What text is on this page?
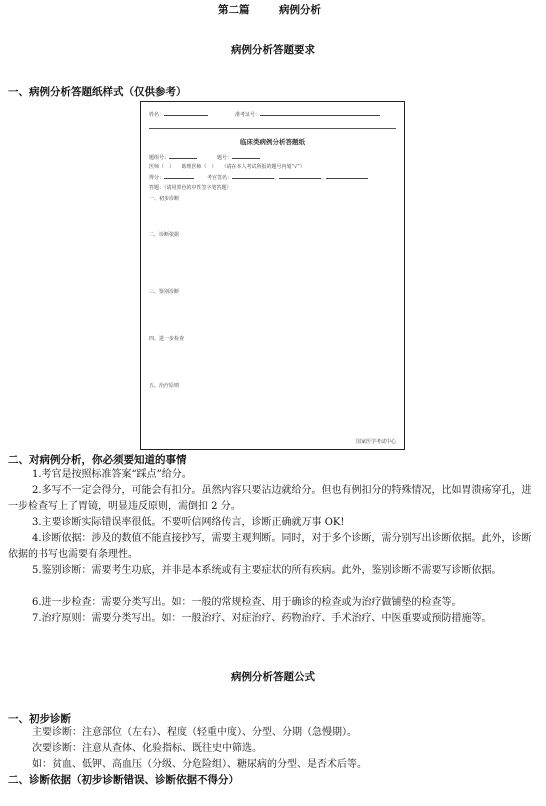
第二篇	病例分析
病例分析答题要求
一、病例分析答题纸样式（仅供参考）
姓名：	准考证号：
临床类病例分析答题纸
题组号：	题号：
医师（　）　　助理医师（　）　　（请在本人考试所报的题号内划“√”）
得分：	考官签名：	、	、
答题：（请用黑色的中性签字笔答题）
一、初步诊断
二、诊断依据
三、鉴别诊断
四、进一步检查
五、治疗原则
国家医学考试中心
二、对病例分析，你必须要知道的事情
1.考官是按照标准答案“踩点”给分。
2.多写不一定会得分，可能会有扣分。虽然内容只要沾边就给分。但也有例扣分的特殊情况，比如胃溃疡穿孔，进一步检查写上了胃镜，明显违反原则，需倒扣 2 分。
3.主要诊断实际错误率很低。不要听信网络传言，诊断正确就万事 OK!
4.诊断依据：涉及的数值不能直接抄写，需要主观判断。同时，对于多个诊断，需分别写出诊断依据。此外，诊断依据的书写也需要有条理性。
5.鉴别诊断：需要考生功底，并非是本系统或有主要症状的所有疾病。此外，鉴别诊断不需要写诊断依据。
6.进一步检查：需要分类写出。如：一般的常规检查、用于确诊的检查或为治疗做铺垫的检查等。
7.治疗原则：需要分类写出。如：一般治疗、对症治疗、药物治疗、手术治疗、中医重要或预防措施等。
病例分析答题公式
一、初步诊断
主要诊断：注意部位（左右）、程度（轻重中度）、分型、分期（急慢期）。
次要诊断：注意从查体、化验指标、既往史中筛选。
如：贫血、低钾、高血压（分级、分危险组）、糖尿病的分型、是否术后等。
二、诊断依据（初步诊断错误、诊断依据不得分）
